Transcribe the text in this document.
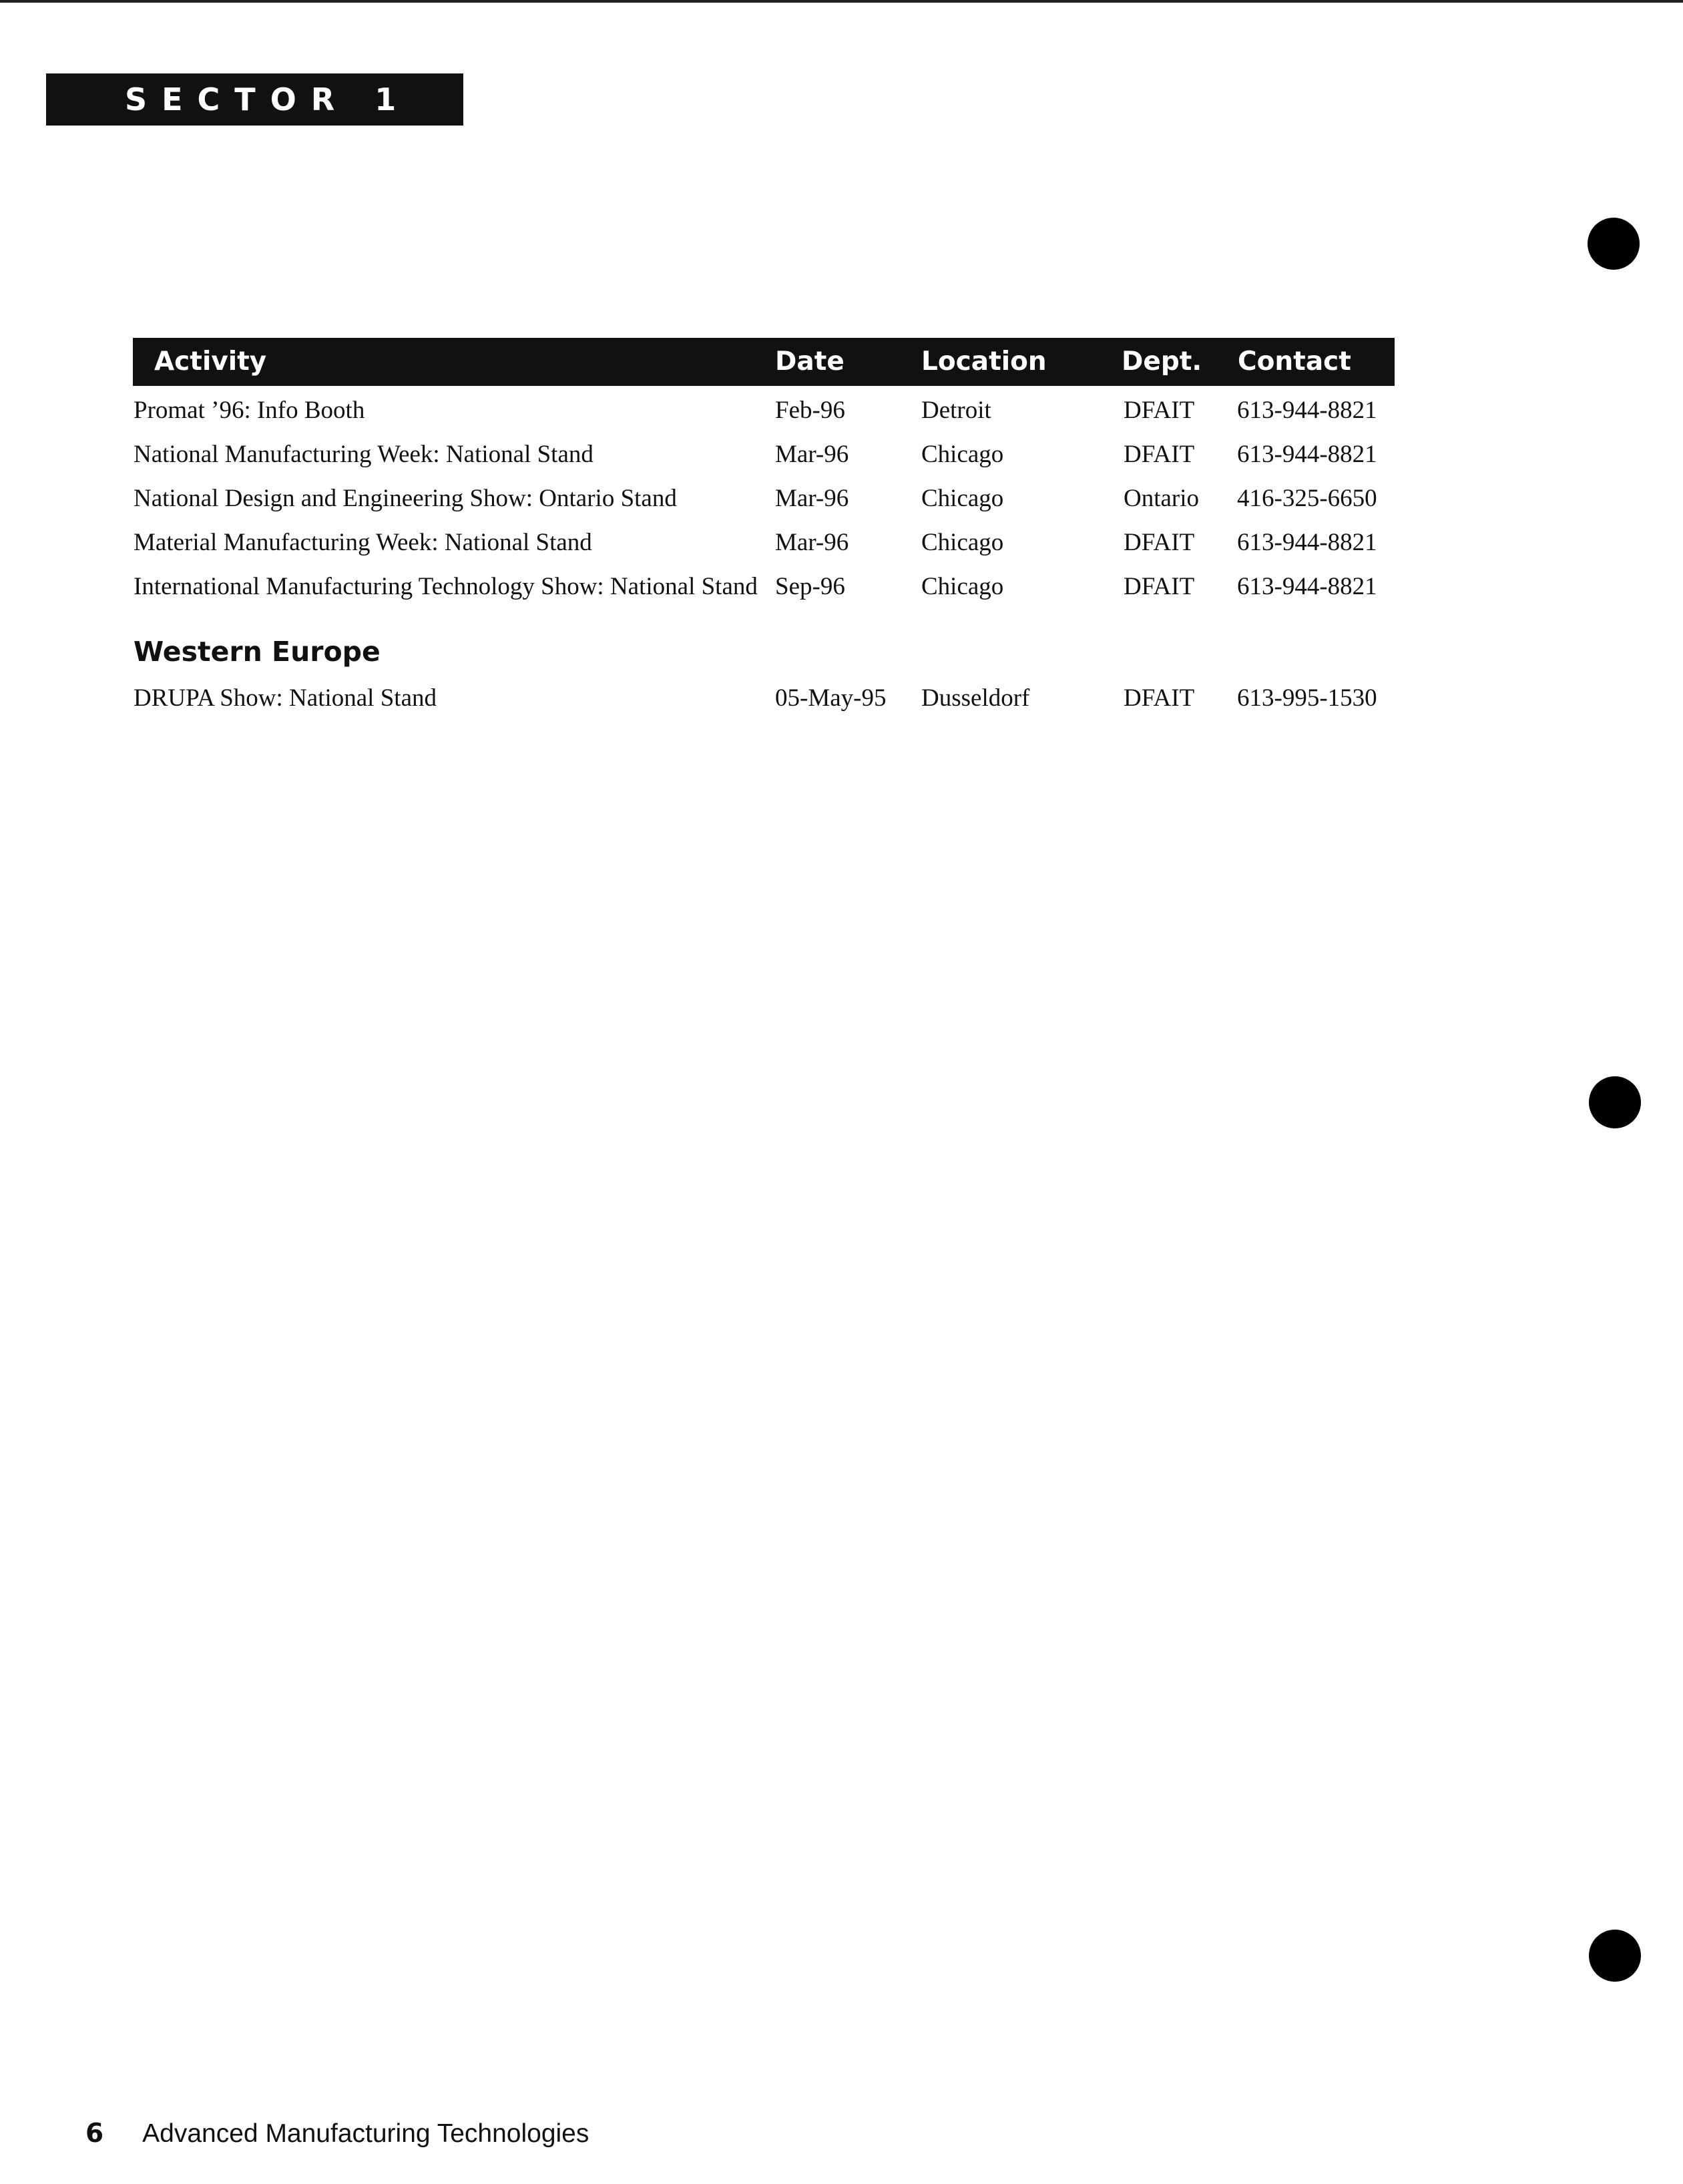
SECTOR 1
Activity	Date	Location	Dept. Contact
Promat ’96: Info Booth	Feb-96	Detroit	DFAIT 613-944-8821
National Manufacturing Week: National Stand	Mar-96	Chicago	DFAIT 613-944-8821
National Design and Engineering Show: Ontario Stand	Mar-96	Chicago	Ontario 416-325-6650
Material Manufacturing Week: National Stand	Mar-96	Chicago	DFAIT 613-944-8821
International Manufacturing Technology Show: National Stand Sep-96	Chicago	DFAIT 613-944-8821
Western Europe
DRUPA Show: National Stand	05-May-95 Dusseldorf	DFAIT 613-995-1530
6 Advanced Manufacturing Technologies
